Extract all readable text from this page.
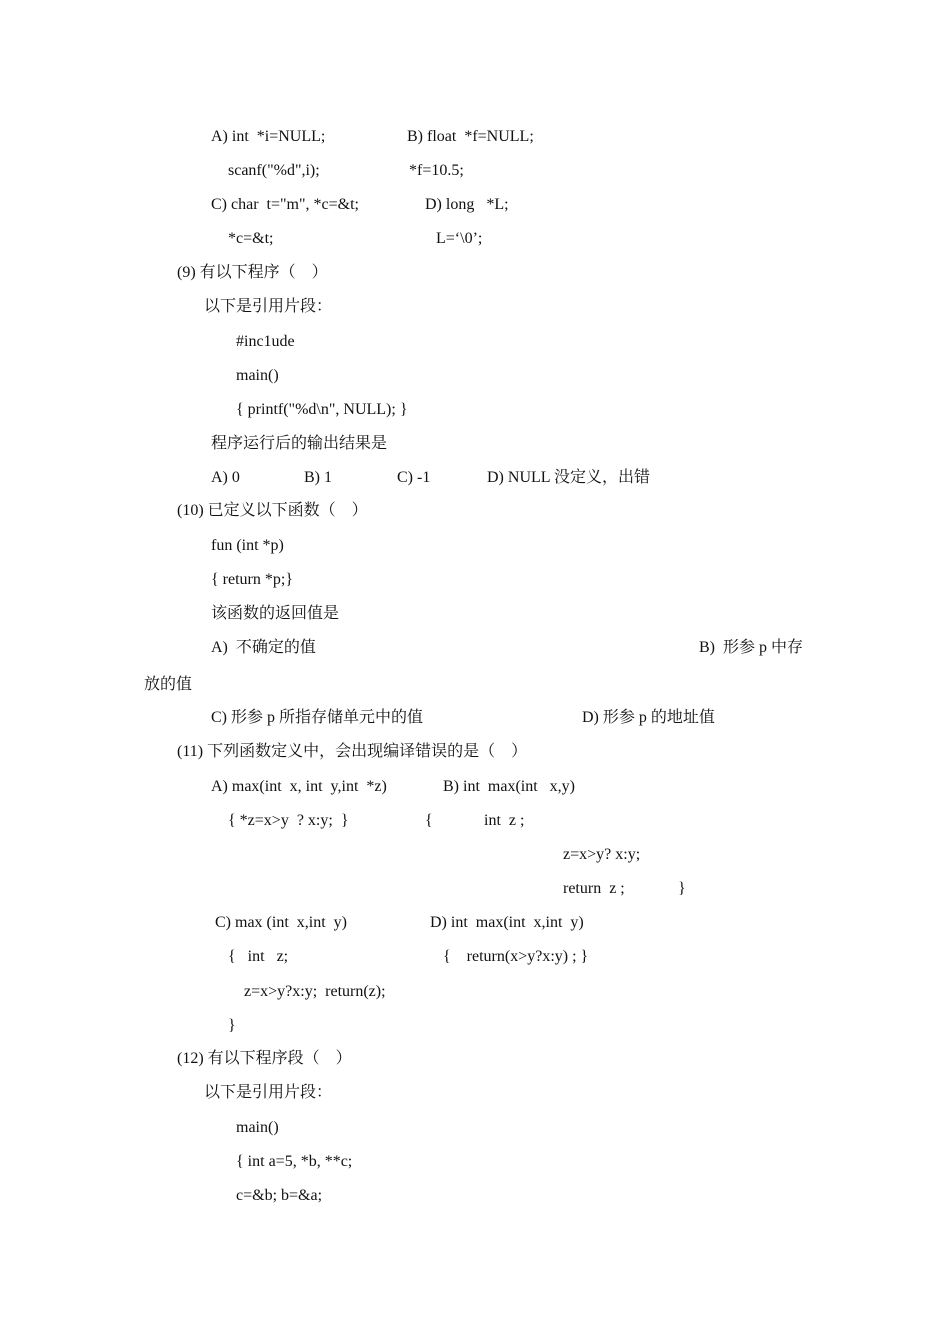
A) int  *i=NULL;	B) float  *f=NULL;
scanf("%d",i);	*f=10.5;
C) char  t="m", *c=&t;	D) long   *L;
*c=&t;	L=‘\0’;
(9) 有以下程序（    ）
以下是引用片段：
#inc1ude
main()
{ printf("%d\n", NULL); }
程序运行后的输出结果是
A) 0	B) 1	C) -1	D) NULL 没定义，出错
(10) 已定义以下函数（    ）
fun (int *p)
{ return *p;}
该函数的返回值是
A)  不确定的值	B)  形参 p 中存
放的值
C) 形参 p 所指存储单元中的值	D) 形参 p 的地址值
(11) 下列函数定义中，会出现编译错误的是（    ）
A) max(int  x, int  y,int  *z)	B) int  max(int   x,y)
{ *z=x>y  ? x:y;  }	{	int  z ;
z=x>y? x:y;
return  z ;	}
C) max (int  x,int  y)	D) int  max(int  x,int  y)
{   int   z;	{    return(x>y?x:y) ; }
z=x>y?x:y;  return(z);
}
(12) 有以下程序段（    ）
以下是引用片段：
main()
{ int a=5, *b, **c;
c=&b; b=&a;
